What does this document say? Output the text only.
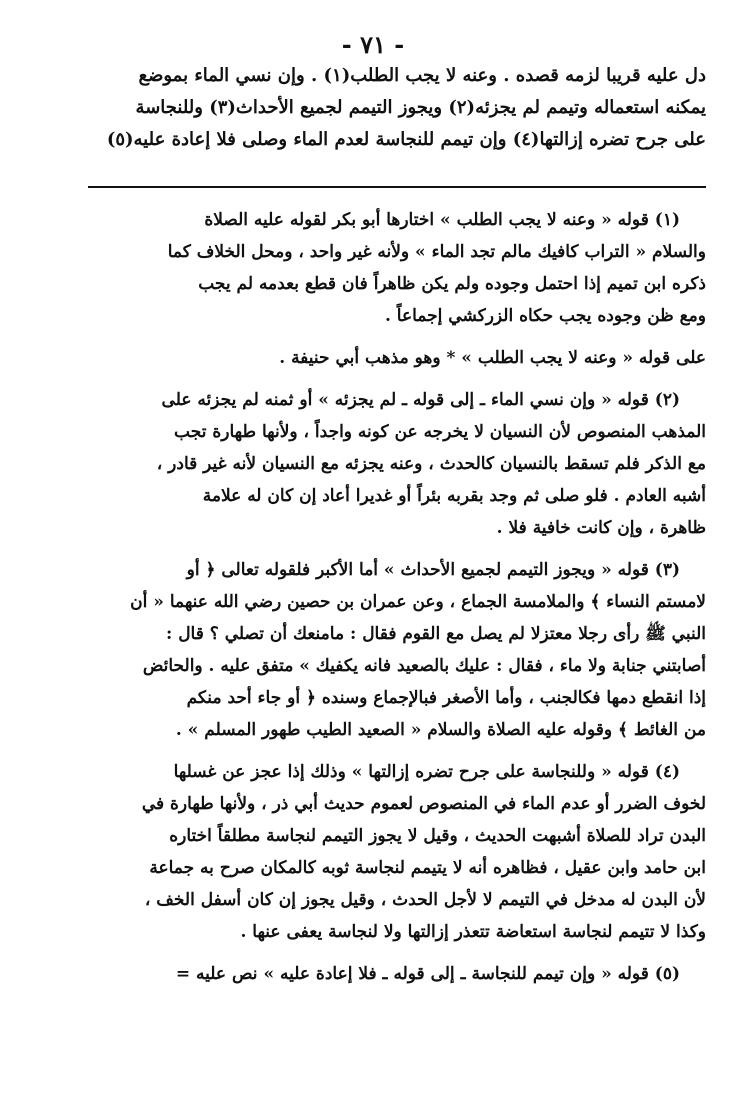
- ٧١ -
دل عليه قريبا لزمه قصده . وعنه لا يجب الطلب(١) . وإن نسي الماء بموضع
يمكنه استعماله وتيمم لم يجزئه(٢) ويجوز التيمم لجميع الأحداث(٣) وللنجاسة
على جرح تضره إزالتها(٤) وإن تيمم للنجاسة لعدم الماء وصلى فلا إعادة عليه(٥)
(١) قوله « وعنه لا يجب الطلب » اختارها أبو بكر لقوله عليه الصلاة
والسلام « التراب كافيك مالم تجد الماء » ولأنه غير واحد ، ومحل الخلاف كما
ذكره ابن تميم إذا احتمل وجوده ولم يكن ظاهراً فان قطع بعدمه لم يجب
ومع ظن وجوده يجب حكاه الزركشي إجماعاً .
على قوله « وعنه لا يجب الطلب » * وهو مذهب أبي حنيفة .
(٢) قوله « وإن نسي الماء ـ إلى قوله ـ لم يجزئه » أو ثمنه لم يجزئه على
المذهب المنصوص لأن النسيان لا يخرجه عن كونه واجداً ، ولأنها طهارة تجب
مع الذكر فلم تسقط بالنسيان كالحدث ، وعنه يجزئه مع النسيان لأنه غير قادر ،
أشبه العادم . فلو صلى ثم وجد بقربه بئراً أو غديرا أعاد إن كان له علامة
ظاهرة ، وإن كانت خافية فلا .
(٣) قوله « ويجوز التيمم لجميع الأحداث » أما الأكبر فلقوله تعالى ﴿ أو
لامستم النساء ﴾ والملامسة الجماع ، وعن عمران بن حصين رضي الله عنهما « أن
النبي ﷺ رأى رجلا معتزلا لم يصل مع القوم فقال : مامنعك أن تصلي ؟ قال :
أصابتني جنابة ولا ماء ، فقال : عليك بالصعيد فانه يكفيك » متفق عليه . والحائض
إذا انقطع دمها فكالجنب ، وأما الأصغر فبالإجماع وسنده ﴿ أو جاء أحد منكم
من الغائط ﴾ وقوله عليه الصلاة والسلام « الصعيد الطيب طهور المسلم » .
(٤) قوله « وللنجاسة على جرح تضره إزالتها » وذلك إذا عجز عن غسلها
لخوف الضرر أو عدم الماء في المنصوص لعموم حديث أبي ذر ، ولأنها طهارة في
البدن تراد للصلاة أشبهت الحديث ، وقيل لا يجوز التيمم لنجاسة مطلقاً اختاره
ابن حامد وابن عقيل ، فظاهره أنه لا يتيمم لنجاسة ثوبه كالمكان صرح به جماعة
لأن البدن له مدخل في التيمم لا لأجل الحدث ، وقيل يجوز إن كان أسفل الخف ،
وكذا لا تتيمم لنجاسة استعاضة تتعذر إزالتها ولا لنجاسة يعفى عنها .
(٥) قوله « وإن تيمم للنجاسة ـ إلى قوله ـ فلا إعادة عليه » نص عليه =
